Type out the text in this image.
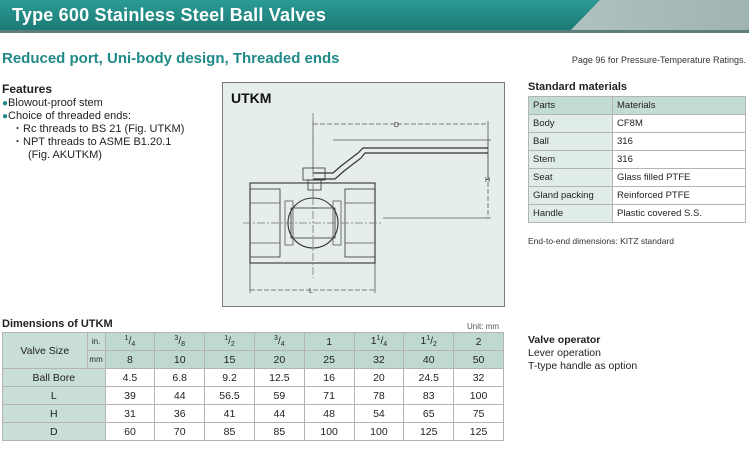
Type 600 Stainless Steel Ball Valves
Reduced port, Uni-body design, Threaded ends	Page 96 for Pressure-Temperature Ratings.
Features
●Blowout-proof stem
●Choice of threaded ends:
・Rc threads to BS 21 (Fig. UTKM)
・NPT threads to ASME B1.20.1
(Fig. AKUTKM)
D
H
L
UTKM
Standard materials
Parts	Materials
Body	CF8M
Ball	316
Stem	316
Seat	Glass filled PTFE
Gland packing	Reinforced PTFE
Handle	Plastic covered S.S.
End-to-end dimensions: KITZ standard
Dimensions of UTKM	Unit: mm
Valve Size	in.	$^1/_4$	$^3/_8$	$^1/_2$	$^3/_4$	1	$1^1/_4$	$1^1/_2$	2
	mm	8	10	15	20	25	32	40	50
Ball Bore		4.5	6.8	9.2	12.5	16	20	24.5	32
L		39	44	56.5	59	71	78	83	100
H		31	36	41	44	48	54	65	75
D		60	70	85	85	100	100	125	125
Valve operator
Lever operation
T-type handle as option
